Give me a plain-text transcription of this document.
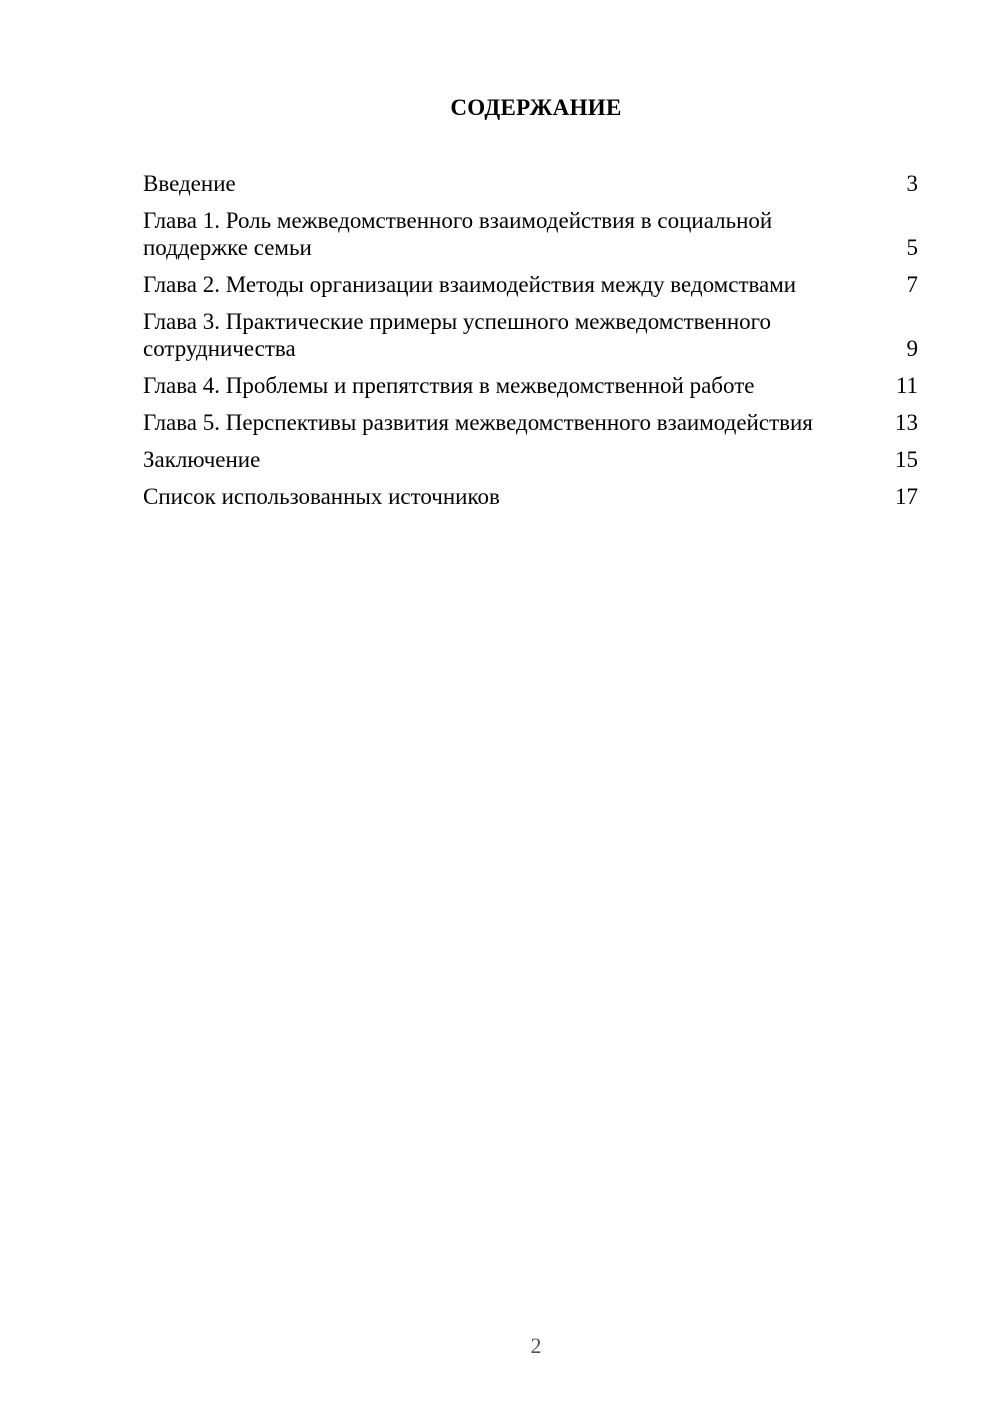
СОДЕРЖАНИЕ
Введение	3
Глава 1. Роль межведомственного взаимодействия в социальной поддержке семьи	5
Глава 2. Методы организации взаимодействия между ведомствами	7
Глава 3. Практические примеры успешного межведомственного сотрудничества	9
Глава 4. Проблемы и препятствия в межведомственной работе	11
Глава 5. Перспективы развития межведомственного взаимодействия	13
Заключение	15
Список использованных источников	17
2
